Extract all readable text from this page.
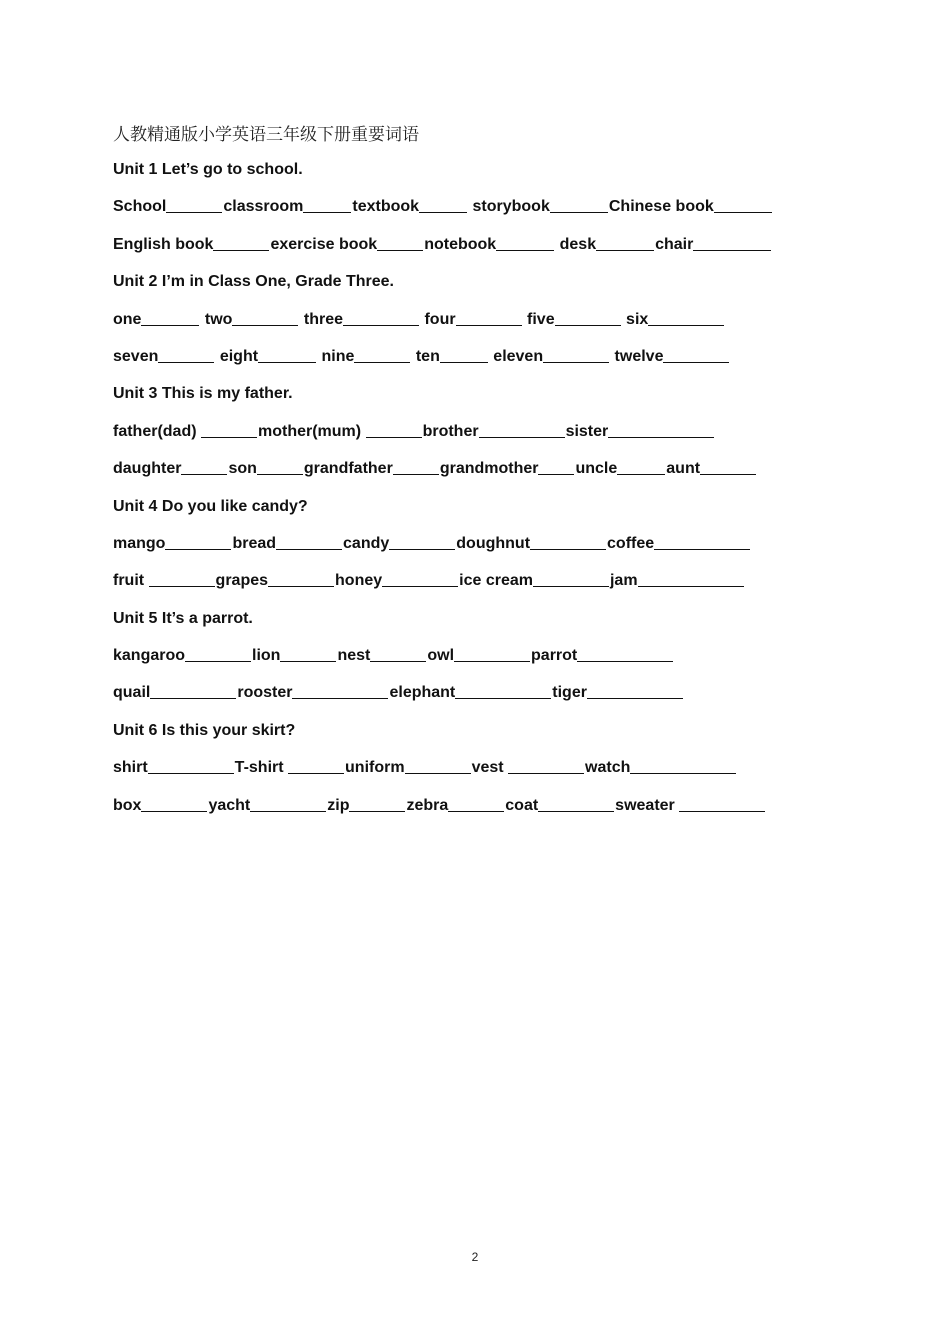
人教精通版小学英语三年级下册重要词语
Unit 1 Let’s go to school.
School	classroom	textbook	storybook	Chinese book
English book	exercise book	notebook	desk	chair
Unit 2 I’m in Class One, Grade Three.
one	two	three	four	five	six
seven	eight	nine	ten	eleven	twelve
Unit 3 This is my father.
father(dad)	mother(mum)	brother	sister
daughter	son	grandfather	grandmother uncle	aunt
Unit 4 Do you like candy?
mango	bread	candy	doughnut	coffee
fruit	grapes	honey	ice cream	jam
Unit 5 It’s a parrot.
kangaroo	lion	nest	owl	parrot
quail	rooster	elephant	tiger
Unit 6 Is this your skirt?
shirt	T-shirt	uniform	vest	watch
box	yacht	zip	zebra	coat	sweater
2
